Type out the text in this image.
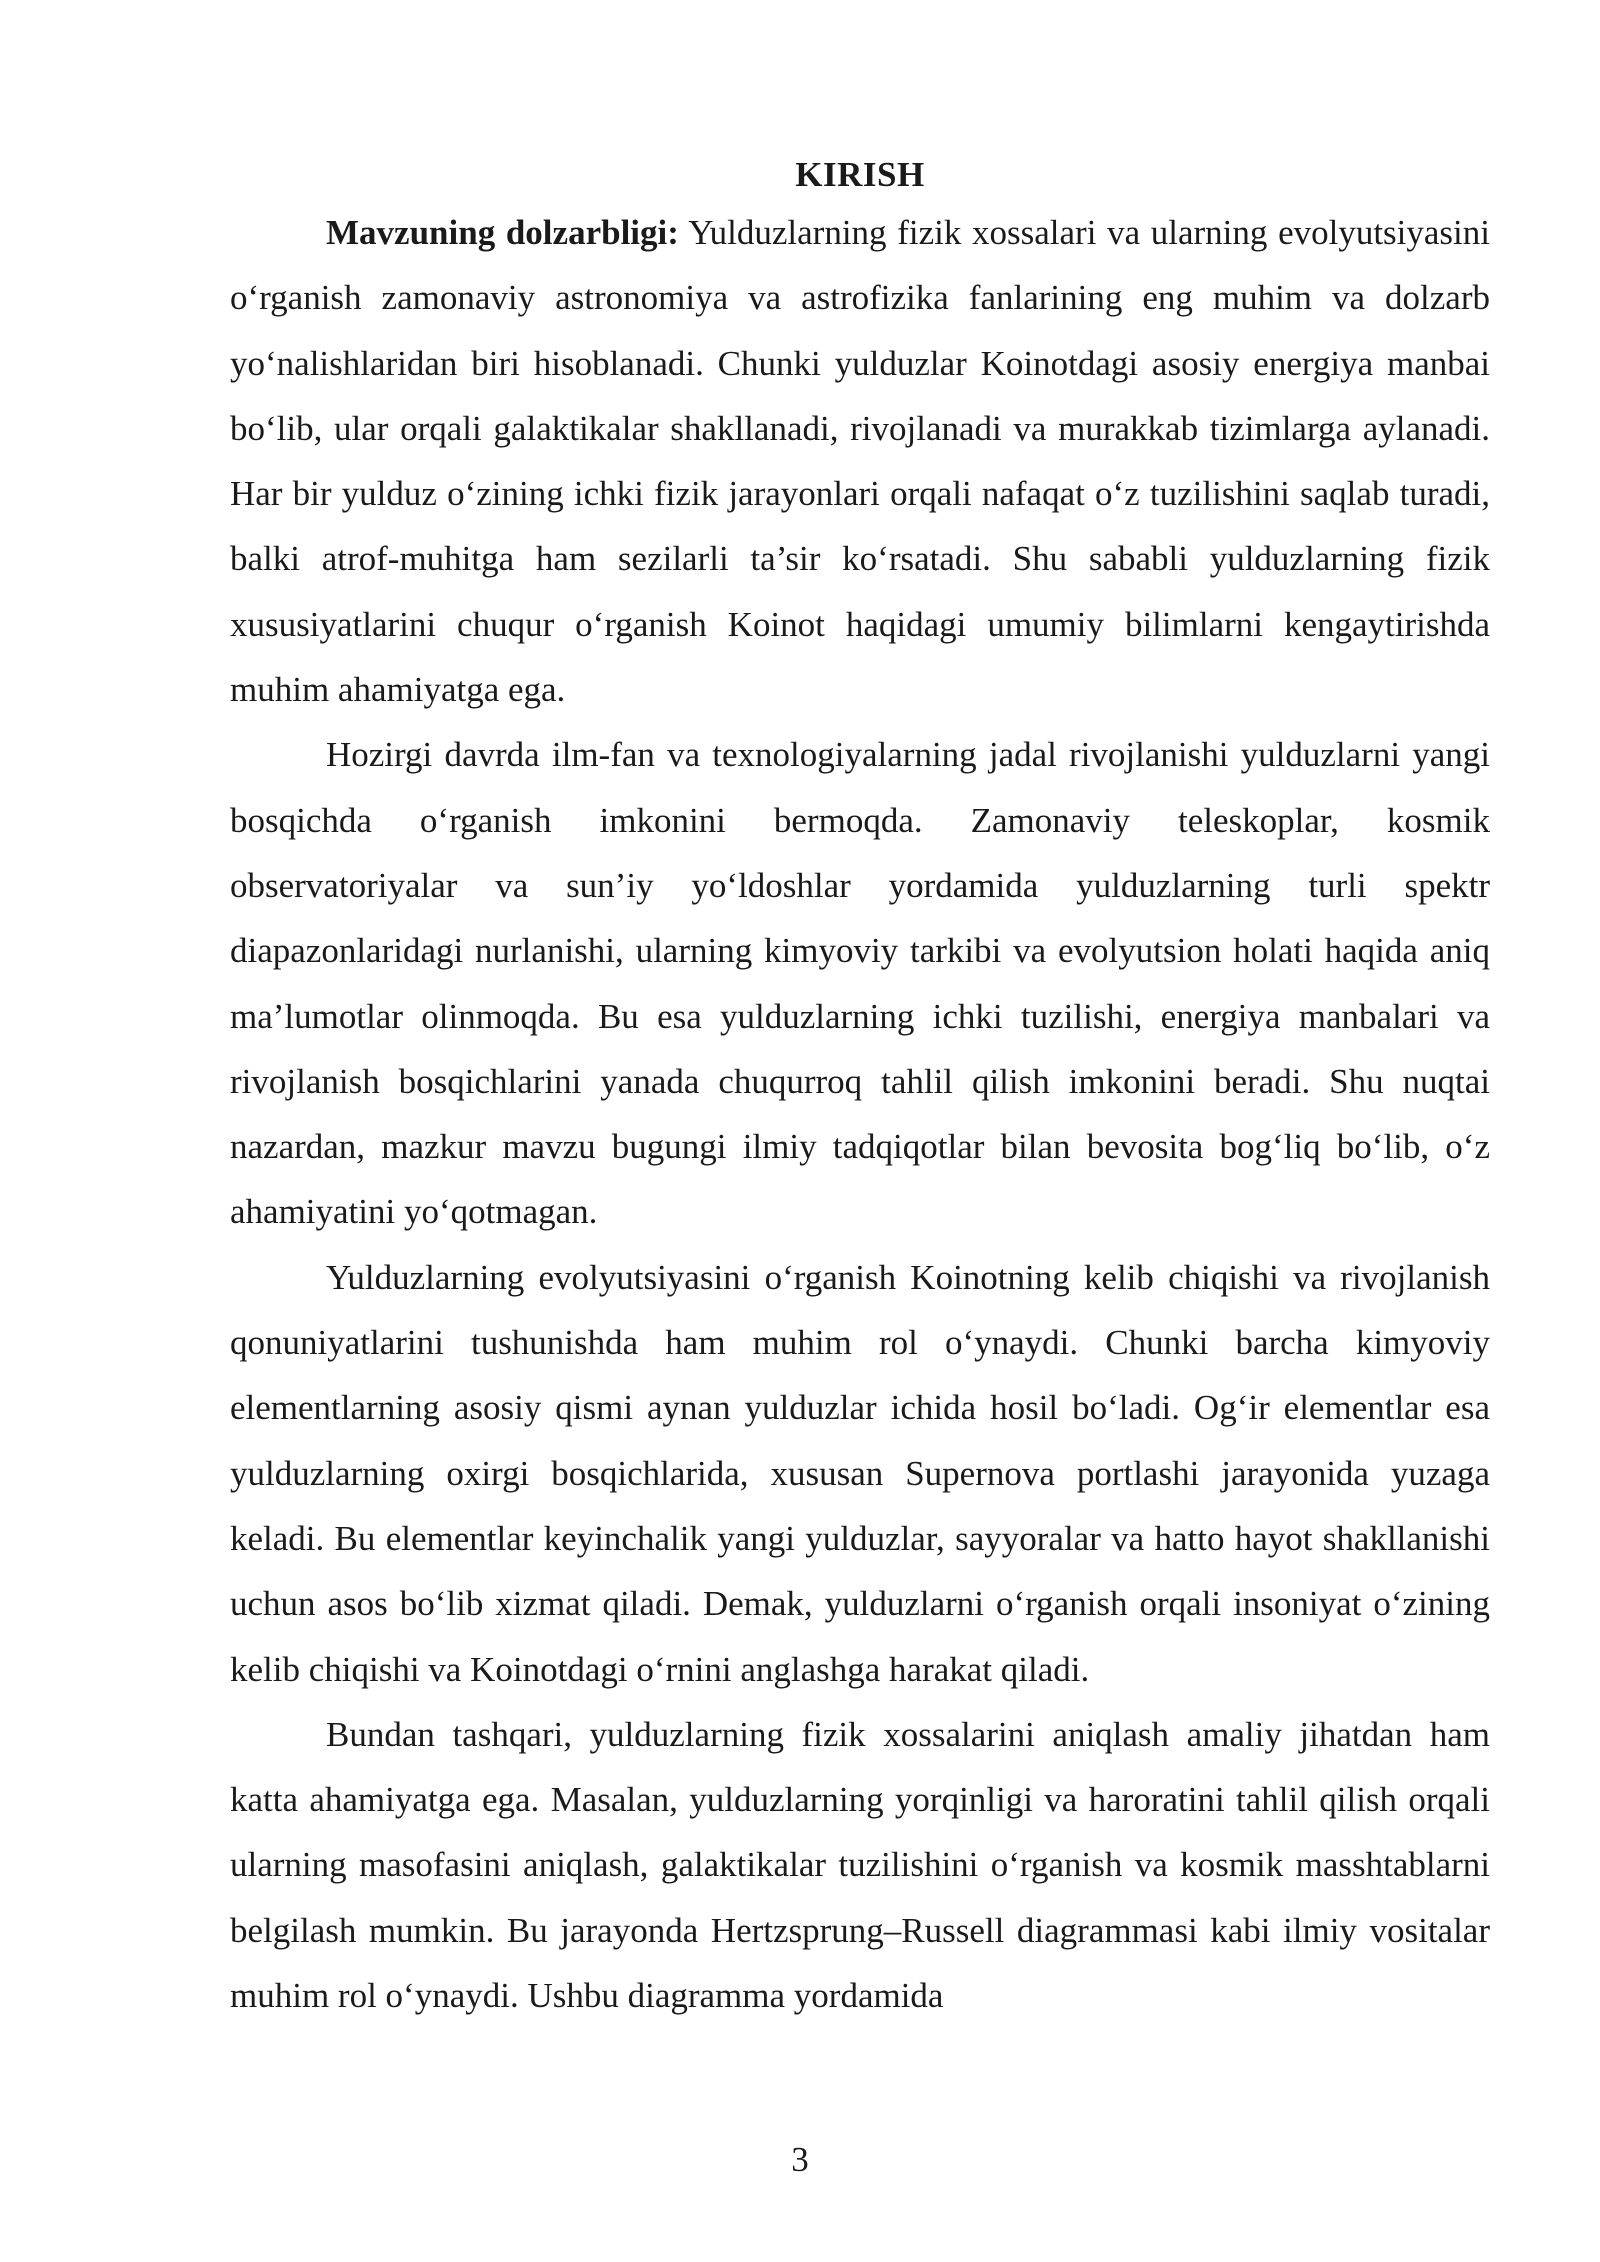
KIRISH

Mavzuning dolzarbligi: Yulduzlarning fizik xossalari va ularning evolyutsiyasini o‘rganish zamonaviy astronomiya va astrofizika fanlarining eng muhim va dolzarb yo‘nalishlaridan biri hisoblanadi. Chunki yulduzlar Koinotdagi asosiy energiya manbai bo‘lib, ular orqali galaktikalar shakllanadi, rivojlanadi va murakkab tizimlarga aylanadi. Har bir yulduz o‘zining ichki fizik jarayonlari orqali nafaqat o‘z tuzilishini saqlab turadi, balki atrof-muhitga ham sezilarli ta’sir ko‘rsatadi. Shu sababli yulduzlarning fizik xususiyatlarini chuqur o‘rganish Koinot haqidagi umumiy bilimlarni kengaytirishda muhim ahamiyatga ega.

Hozirgi davrda ilm-fan va texnologiyalarning jadal rivojlanishi yulduzlarni yangi bosqichda o‘rganish imkonini bermoqda. Zamonaviy teleskoplar, kosmik observatoriyalar va sun’iy yo‘ldoshlar yordamida yulduzlarning turli spektr diapazonlaridagi nurlanishi, ularning kimyoviy tarkibi va evolyutsion holati haqida aniq ma’lumotlar olinmoqda. Bu esa yulduzlarning ichki tuzilishi, energiya manbalari va rivojlanish bosqichlarini yanada chuqurroq tahlil qilish imkonini beradi. Shu nuqtai nazardan, mazkur mavzu bugungi ilmiy tadqiqotlar bilan bevosita bog‘liq bo‘lib, o‘z ahamiyatini yo‘qotmagan.

Yulduzlarning evolyutsiyasini o‘rganish Koinotning kelib chiqishi va rivojlanish qonuniyatlarini tushunishda ham muhim rol o‘ynaydi. Chunki barcha kimyoviy elementlarning asosiy qismi aynan yulduzlar ichida hosil bo‘ladi. Og‘ir elementlar esa yulduzlarning oxirgi bosqichlarida, xususan Supernova portlashi jarayonida yuzaga keladi. Bu elementlar keyinchalik yangi yulduzlar, sayyoralar va hatto hayot shakllanishi uchun asos bo‘lib xizmat qiladi. Demak, yulduzlarni o‘rganish orqali insoniyat o‘zining kelib chiqishi va Koinotdagi o‘rnini anglashga harakat qiladi.

Bundan tashqari, yulduzlarning fizik xossalarini aniqlash amaliy jihatdan ham katta ahamiyatga ega. Masalan, yulduzlarning yorqinligi va haroratini tahlil qilish orqali ularning masofasini aniqlash, galaktikalar tuzilishini o‘rganish va kosmik masshtablarni belgilash mumkin. Bu jarayonda Hertzsprung–Russell diagrammasi kabi ilmiy vositalar muhim rol o‘ynaydi. Ushbu diagramma yordamida

3
